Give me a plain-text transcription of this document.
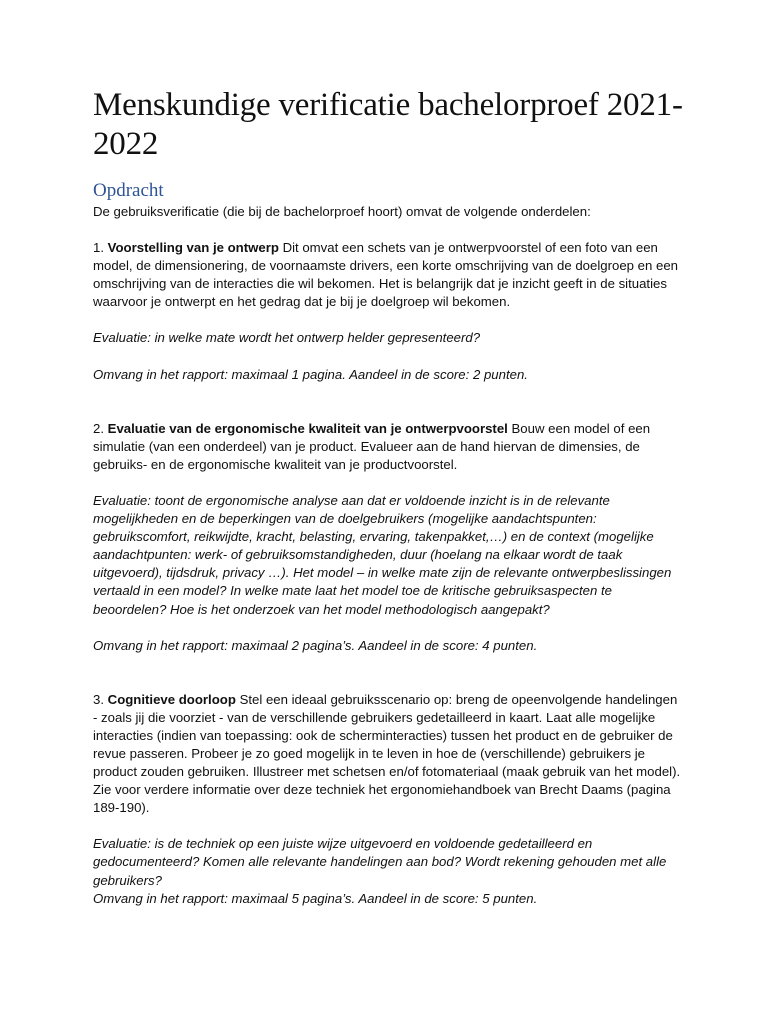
Menskundige verificatie bachelorproef 2021-2022
Opdracht

De gebruiksverificatie (die bij de bachelorproef hoort) omvat de volgende onderdelen:

1. Voorstelling van je ontwerp Dit omvat een schets van je ontwerpvoorstel of een foto van een model, de dimensionering, de voornaamste drivers, een korte omschrijving van de doelgroep en een omschrijving van de interacties die wil bekomen. Het is belangrijk dat je inzicht geeft in de situaties waarvoor je ontwerpt en het gedrag dat je bij je doelgroep wil bekomen.

Evaluatie: in welke mate wordt het ontwerp helder gepresenteerd?

Omvang in het rapport: maximaal 1 pagina. Aandeel in de score: 2 punten.

2. Evaluatie van de ergonomische kwaliteit van je ontwerpvoorstel Bouw een model of een simulatie (van een onderdeel) van je product. Evalueer aan de hand hiervan de dimensies, de gebruiks- en de ergonomische kwaliteit van je productvoorstel.

Evaluatie: toont de ergonomische analyse aan dat er voldoende inzicht is in de relevante mogelijkheden en de beperkingen van de doelgebruikers (mogelijke aandachtspunten: gebruikscomfort, reikwijdte, kracht, belasting, ervaring, takenpakket,…) en de context (mogelijke aandachtpunten: werk- of gebruiksomstandigheden, duur (hoelang na elkaar wordt de taak uitgevoerd), tijdsdruk, privacy …). Het model – in welke mate zijn de relevante ontwerpbeslissingen vertaald in een model? In welke mate laat het model toe de kritische gebruiksaspecten te beoordelen? Hoe is het onderzoek van het model methodologisch aangepakt?

Omvang in het rapport: maximaal 2 pagina’s. Aandeel in de score: 4 punten.

3. Cognitieve doorloop Stel een ideaal gebruiksscenario op: breng de opeenvolgende handelingen - zoals jij die voorziet - van de verschillende gebruikers gedetailleerd in kaart. Laat alle mogelijke interacties (indien van toepassing: ook de scherminteracties) tussen het product en de gebruiker de revue passeren. Probeer je zo goed mogelijk in te leven in hoe de (verschillende) gebruikers je product zouden gebruiken. Illustreer met schetsen en/of fotomateriaal (maak gebruik van het model). Zie voor verdere informatie over deze techniek het ergonomiehandboek van Brecht Daams (pagina 189-190).

Evaluatie: is de techniek op een juiste wijze uitgevoerd en voldoende gedetailleerd en gedocumenteerd? Komen alle relevante handelingen aan bod? Wordt rekening gehouden met alle gebruikers?

Omvang in het rapport: maximaal 5 pagina’s. Aandeel in de score: 5 punten.
